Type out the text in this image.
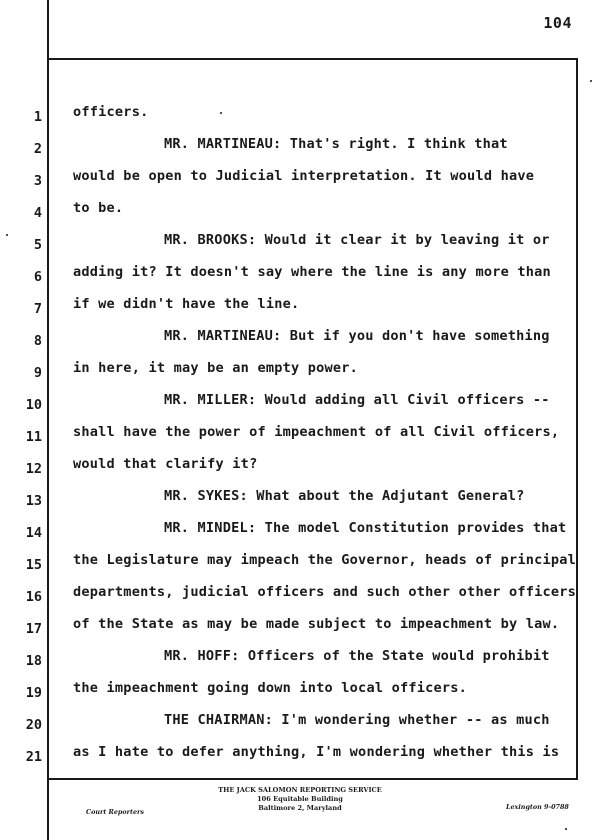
104
1
2
3
4
5
6
7
8
9
10
11
12
13
14
15
16
17
18
19
20
21
officers.
MR. MARTINEAU: That's right. I think that
would be open to Judicial interpretation. It would have
to be.
MR. BROOKS: Would it clear it by leaving it or
adding it? It doesn't say where the line is any more than
if we didn't have the line.
MR. MARTINEAU: But if you don't have something
in here, it may be an empty power.
MR. MILLER: Would adding all Civil officers --
shall have the power of impeachment of all Civil officers,
would that clarify it?
MR. SYKES: What about the Adjutant General?
MR. MINDEL: The model Constitution provides that
the Legislature may impeach the Governor, heads of principal
departments, judicial officers and such other other officers
of the State as may be made subject to impeachment by law.
MR. HOFF: Officers of the State would prohibit
the impeachment going down into local officers.
THE CHAIRMAN: I'm wondering whether -- as much
as I hate to defer anything, I'm wondering whether this is
THE JACK SALOMON REPORTING SERVICE
106 Equitable Building
Baltimore 2, Maryland
Court Reporters
Lexington 9-0788
